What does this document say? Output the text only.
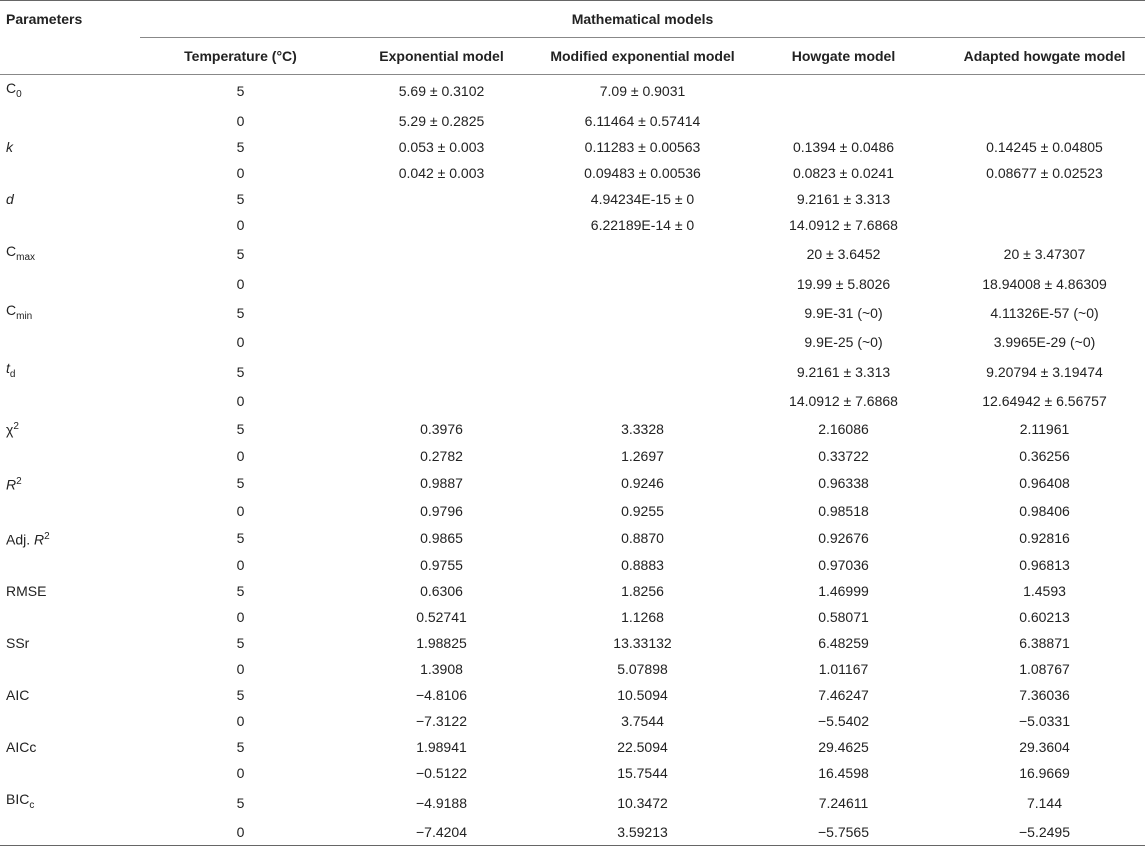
Parameters	Mathematical models				
	Temperature (°C)	Exponential model	Modified exponential model	Howgate model	Adapted howgate model
$C_0$	5	5.69 ± 0.3102	7.09 ± 0.9031		
	0	5.29 ± 0.2825	6.11464 ± 0.57414		
k	5	0.053 ± 0.003	0.11283 ± 0.00563	0.1394 ± 0.0486	0.14245 ± 0.04805
	0	0.042 ± 0.003	0.09483 ± 0.00536	0.0823 ± 0.0241	0.08677 ± 0.02523
d	5		4.94234E-15 ± 0	9.2161 ± 3.313	
	0		6.22189E-14 ± 0	14.0912 ± 7.6868	
$C_{max}$	5			20 ± 3.6452	20 ± 3.47307
	0			19.99 ± 5.8026	18.94008 ± 4.86309
$C_{min}$	5			9.9E-31 (~0)	4.11326E-57 (~0)
	0			9.9E-25 (~0)	3.9965E-29 (~0)
$t_d$	5			9.2161 ± 3.313	9.20794 ± 3.19474
	0			14.0912 ± 7.6868	12.64942 ± 6.56757
$\chi^2$	5	0.3976	3.3328	2.16086	2.11961
	0	0.2782	1.2697	0.33722	0.36256
$R^2$	5	0.9887	0.9246	0.96338	0.96408
	0	0.9796	0.9255	0.98518	0.98406
Adj. $R^2$	5	0.9865	0.8870	0.92676	0.92816
	0	0.9755	0.8883	0.97036	0.96813
RMSE	5	0.6306	1.8256	1.46999	1.4593
	0	0.52741	1.1268	0.58071	0.60213
SSr	5	1.98825	13.33132	6.48259	6.38871
	0	1.3908	5.07898	1.01167	1.08767
AIC	5	−4.8106	10.5094	7.46247	7.36036
	0	−7.3122	3.7544	−5.5402	−5.0331
AICc	5	1.98941	22.5094	29.4625	29.3604
	0	−0.5122	15.7544	16.4598	16.9669
$BIC_c$	5	−4.9188	10.3472	7.24611	7.144
	0	−7.4204	3.59213	−5.7565	−5.2495
